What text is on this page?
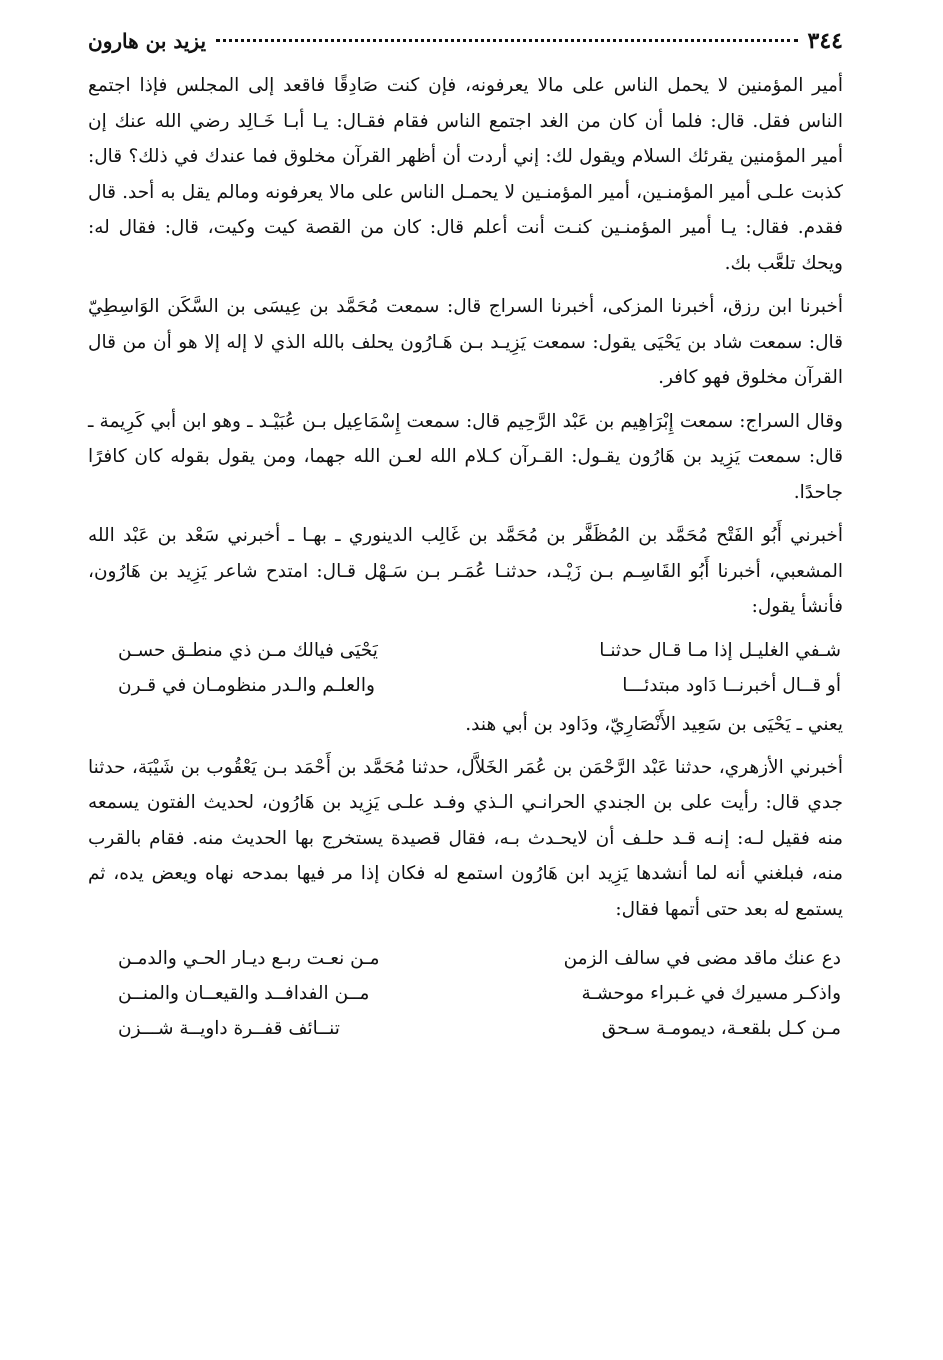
٣٤٤
يزيد بن هارون

أمير المؤمنين لا يحمل الناس على مالا يعرفونه، فإن كنت صَادِقًا فاقعد إلى المجلس فإذا اجتمع الناس فقل. قال: فلما أن كان من الغد اجتمع الناس فقام فقـال: يـا أبـا خَـالِد رضي الله عنك إن أمير المؤمنين يقرئك السلام ويقول لك: إني أردت أن أظهر القرآن مخلوق فما عندك في ذلك؟ قال: كذبت علـى أمير المؤمنـين، أمير المؤمنـين لا يحمـل الناس على مالا يعرفونه ومالم يقل به أحد. قال فقدم. فقال: يـا أمير المؤمنـين كنـت أنت أعلم قال: كان من القصة كيت وكيت، قال: فقال له: ويحك تلعَّب بك.

أخبرنا ابن رزق، أخبرنا المزكى، أخبرنا السراج قال: سمعت مُحَمَّد بن عِيسَى بن السَّكَن الوَاسِطِيّ قال: سمعت شاد بن يَحْيَى يقول: سمعت يَزِيـد بـن هَـارُون يحلف بالله الذي لا إله إلا هو أن من قال القرآن مخلوق فهو كافر.

وقال السراج: سمعت إِبْرَاهِيم بن عَبْد الرَّحِيم قال: سمعت إِسْمَاعِيل بـن عُبَيْـد ـ وهو ابن أبي كَرِيمة ـ قال: سمعت يَزِيد بن هَارُون يقـول: القـرآن كـلام الله لعـن الله جهما، ومن يقول بقوله كان كافرًا جاحدًا.

أخبرني أَبُو الفَتْح مُحَمَّد بن المُظَفَّر بن مُحَمَّد بن غَالِب الدينوري ـ بهـا ـ أخبرني سَعْد بن عَبْد الله المشعبي، أخبرنا أَبُو القَاسِـم بـن زَيْـد، حدثنـا عُمَـر بـن سَـهْل قـال: امتدح شاعر يَزِيد بن هَارُون، فأنشأ يقول:

شـفي الغليـل إذا مـا قـال حدثنـا
يَحْيَى فيالك مـن ذي منطـق حسـن
أو قــال أخبرنــا دَاود مبتدئـــا
والعلـم والـدر منظومـان في قـرن
يعني ـ يَحْيَى بن سَعِيد الأَنْصَارِيّ، ودَاود بن أبي هند.

أخبرني الأزهري، حدثنا عَبْد الرَّحْمَن بن عُمَر الخَلاَّل، حدثنا مُحَمَّد بن أَحْمَد بـن يَعْقُوب بن شَيْبَة، حدثنا جدي قال: رأيت على بن الجندي الحرانـي الـذي وفـد علـى يَزِيد بن هَارُون، لحديث الفتون يسمعه منه فقيل لـه: إنـه قـد حلـف أن لايحـدث بـه، فقال قصيدة يستخرج بها الحديث منه. فقام بالقرب منه، فبلغني أنه لما أنشدها يَزِيد ابن هَارُون استمع له فكان إذا مر فيها بمدحه نهاه ويعض يده، ثم يستمع له بعد حتى أتمها فقال:

دع عنك ماقد مضى في سالف الزمن
مـن نعـت ربـع ديـار الحـي والدمـن
واذكـر مسيرك في غـبراء موحشـة
مــن الفدافــد والقيعــان والمنــن
مـن كـل بلقعـة، ديمومـة سـحق
تنــائف قفــرة داويــة شـــزن
